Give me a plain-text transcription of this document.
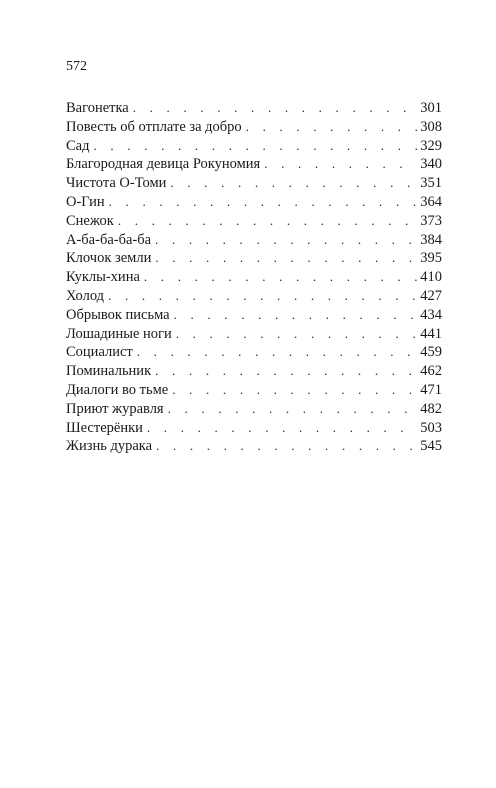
572
Вагонетка . . .	301
Повесть об отплате за добро . . .	308
Сад . . .	329
Благородная девица Рокуномия . . .	340
Чистота О-Томи . . .	351
О-Гин . . .	364
Снежок . . .	373
А-ба-ба-ба-ба . . .	384
Клочок земли . . .	395
Куклы-хина . . .	410
Холод . . .	427
Обрывок письма . . .	434
Лошадиные ноги . . .	441
Социалист . . .	459
Поминальник . . .	462
Диалоги во тьме . . .	471
Приют журавля . . .	482
Шестерёнки . . .	503
Жизнь дурака . . .	545
